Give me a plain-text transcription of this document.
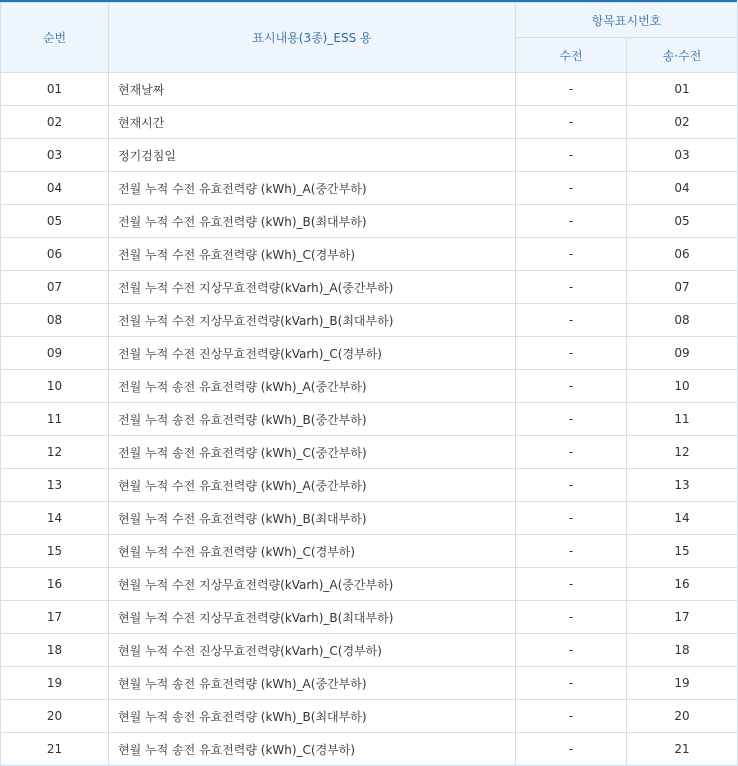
순번	표시내용(3종)_ESS 용	항목표시번호	
		수전	송·수전
01	현재날짜	-	01
02	현재시간	-	02
03	정기검침일	-	03
04	전월 누적 수전 유효전력량 (kWh)_A(중간부하)	-	04
05	전월 누적 수전 유효전력량 (kWh)_B(최대부하)	-	05
06	전월 누적 수전 유효전력량 (kWh)_C(경부하)	-	06
07	전월 누적 수전 지상무효전력량(kVarh)_A(중간부하)	-	07
08	전월 누적 수전 지상무효전력량(kVarh)_B(최대부하)	-	08
09	전월 누적 수전 진상무효전력량(kVarh)_C(경부하)	-	09
10	전월 누적 송전 유효전력량 (kWh)_A(중간부하)	-	10
11	전월 누적 송전 유효전력량 (kWh)_B(중간부하)	-	11
12	전월 누적 송전 유효전력량 (kWh)_C(중간부하)	-	12
13	현월 누적 수전 유효전력량 (kWh)_A(중간부하)	-	13
14	현월 누적 수전 유효전력량 (kWh)_B(최대부하)	-	14
15	현월 누적 수전 유효전력량 (kWh)_C(경부하)	-	15
16	현월 누적 수전 지상무효전력량(kVarh)_A(중간부하)	-	16
17	현월 누적 수전 지상무효전력량(kVarh)_B(최대부하)	-	17
18	현월 누적 수전 진상무효전력량(kVarh)_C(경부하)	-	18
19	현월 누적 송전 유효전력량 (kWh)_A(중간부하)	-	19
20	현월 누적 송전 유효전력량 (kWh)_B(최대부하)	-	20
21	현월 누적 송전 유효전력량 (kWh)_C(경부하)	-	21
